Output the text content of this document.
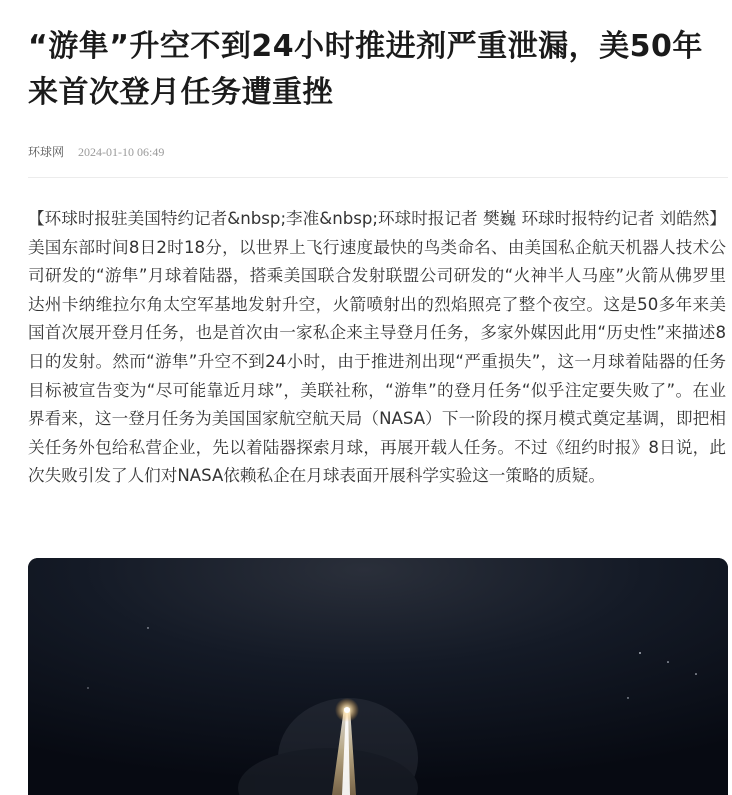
“游隼”升空不到24小时推进剂严重泄漏，美50年来首次登月任务遭重挫
环球网 2024-01-10 06:49

【环球时报驻美国特约记者&nbsp;李准&nbsp;环球时报记者 樊巍 环球时报特约记者 刘皓然】美国东部时间8日2时18分，以世界上飞行速度最快的鸟类命名、由美国私企航天机器人技术公司研发的“游隼”月球着陆器，搭乘美国联合发射联盟公司研发的“火神半人马座”火箭从佛罗里达州卡纳维拉尔角太空军基地发射升空，火箭喷射出的烈焰照亮了整个夜空。这是50多年来美国首次展开登月任务，也是首次由一家私企来主导登月任务，多家外媒因此用“历史性”来描述8日的发射。然而“游隼”升空不到24小时，由于推进剂出现“严重损失”，这一月球着陆器的任务目标被宣告变为“尽可能靠近月球”，美联社称，“游隼”的登月任务“似乎注定要失败了”。在业界看来，这一登月任务为美国国家航空航天局（NASA）下一阶段的探月模式奠定基调，即把相关任务外包给私营企业，先以着陆器探索月球，再展开载人任务。不过《纽约时报》8日说，此次失败引发了人们对NASA依赖私企在月球表面开展科学实验这一策略的质疑。
